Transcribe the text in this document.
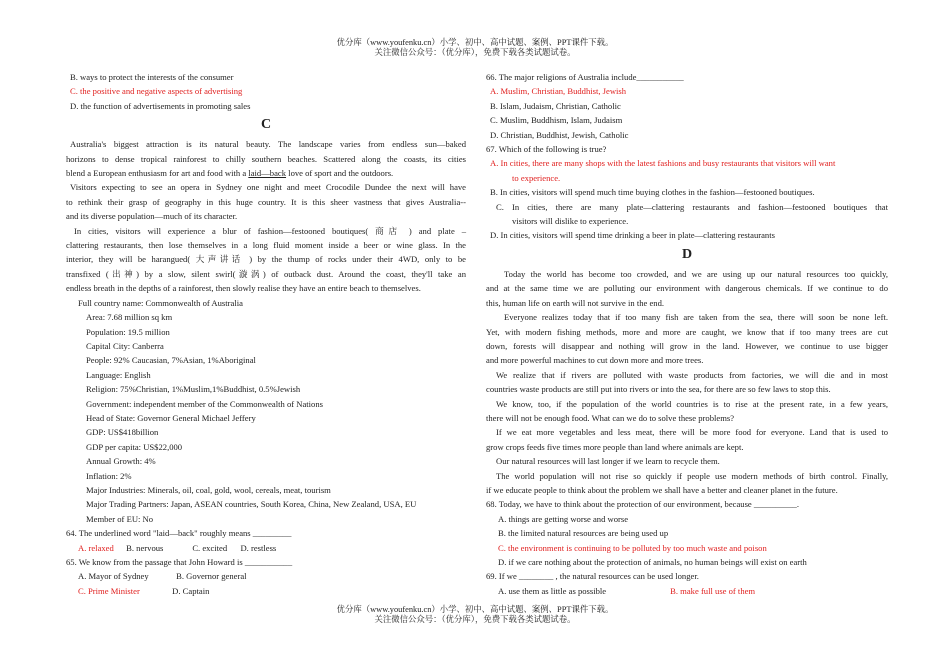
优分库（www.youfenku.cn）小学、初中、高中试题、案例、PPT课件下载。
关注微信公众号：（优分库），免费下载各类试题试卷。
B. ways to protect the interests of the consumer
C. the positive and negative aspects of advertising
D. the function of advertisements in promoting sales
C
Australia's biggest attraction is its natural beauty. The landscape varies from endless sun—baked
horizons to dense tropical rainforest to chilly southern beaches. Scattered along the coasts, its cities
blend a European enthusiasm for art and food with a laid—back love of sport and the outdoors.
Visitors expecting to see an opera in Sydney one night and meet Crocodile Dundee the next will have
to rethink their grasp of geography in this huge country. It is this sheer vastness that gives Australia--
and its diverse population—much of its character.
In cities, visitors will experience a blur of fashion—festooned boutiques( 商店 ) and plate –
clattering restaurants, then lose themselves in a long fluid moment inside a beer or wine glass. In the
interior, they will be harangued( 大声讲话 ) by the thump of rocks under their 4WD, only to be
transfixed (出神) by a slow, silent swirl(漩涡) of outback dust. Around the coast, they'll take an
endless breath in the depths of a rainforest, then slowly realise they have an entire beach to themselves.
Full country name: Commonwealth of Australia
Area: 7.68 million sq km
Population: 19.5 million
Capital City: Canberra
People: 92% Caucasian, 7%Asian, 1%Aboriginal
Language: English
Religion: 75%Christian, 1%Muslim,1%Buddhist, 0.5%Jewish
Government: independent member of the Commonwealth of Nations
Head of State: Governor General Michael Jeffery
GDP: US$418billion
GDP per capita: US$22,000
Annual Growth: 4%
Inflation: 2%
Major Industries: Minerals, oil, coal, gold, wool, cereals, meat, tourism
Major Trading Partners: Japan, ASEAN countries, South Korea, China, New Zealand, USA, EU
Member of EU: No
64. The underlined word "laid—back" roughly means _________
A. relaxed B. nervous	C. excited D. restless
65. We know from the passage that John Howard is ___________
A. Mayor of Sydney	B. Governor general
C. Prime Minister	D. Captain
66. The major religions of Australia include___________
A. Muslim, Christian, Buddhist, Jewish
B. Islam, Judaism, Christian, Catholic
C. Muslim, Buddhism, Islam, Judaism
D. Christian, Buddhist, Jewish, Catholic
67. Which of the following is true?
A. In cities, there are many shops with the latest fashions and busy restaurants that visitors will want
to experience.
B. In cities, visitors will spend much time buying clothes in the fashion—festooned boutiques.
C. In cities, there are many plate—clattering restaurants and fashion—festooned boutiques that
visitors will dislike to experience.
D. In cities, visitors will spend time drinking a beer in plate—clattering restaurants
D
Today the world has become too crowded, and we are using up our natural resources too quickly,
and at the same time we are polluting our environment with dangerous chemicals. If we continue to do
this, human life on earth will not survive in the end.
Everyone realizes today that if too many fish are taken from the sea, there will soon be none left.
Yet, with modern fishing methods, more and more are caught, we know that if too many trees are cut
down, forests will disappear and nothing will grow in the land. However, we continue to use bigger
and more powerful machines to cut down more and more trees.
We realize that if rivers are polluted with waste products from factories, we will die and in most
countries waste products are still put into rivers or into the sea, for there are so few laws to stop this.
We know, too, if the population of the world countries is to rise at the present rate, in a few years,
there will not be enough food. What can we do to solve these problems?
If we eat more vegetables and less meat, there will be more food for everyone. Land that is used to
grow crops feeds five times more people than land where animals are kept.
Our natural resources will last longer if we learn to recycle them.
The world population will not rise so quickly if people use modern methods of birth control. Finally,
if we educate people to think about the problem we shall have a better and cleaner planet in the future.
68. Today, we have to think about the protection of our environment, because __________.
A. things are getting worse and worse
B. the limited natural resources are being used up
C. the environment is continuing to be polluted by too much waste and poison
D. if we care nothing about the protection of animals, no human beings will exist on earth
69. If we ________ , the natural resources can be used longer.
A. use them as little as possible	B. make full use of them
优分库（www.youfenku.cn）小学、初中、高中试题、案例、PPT课件下载。
关注微信公众号：（优分库），免费下载各类试题试卷。
